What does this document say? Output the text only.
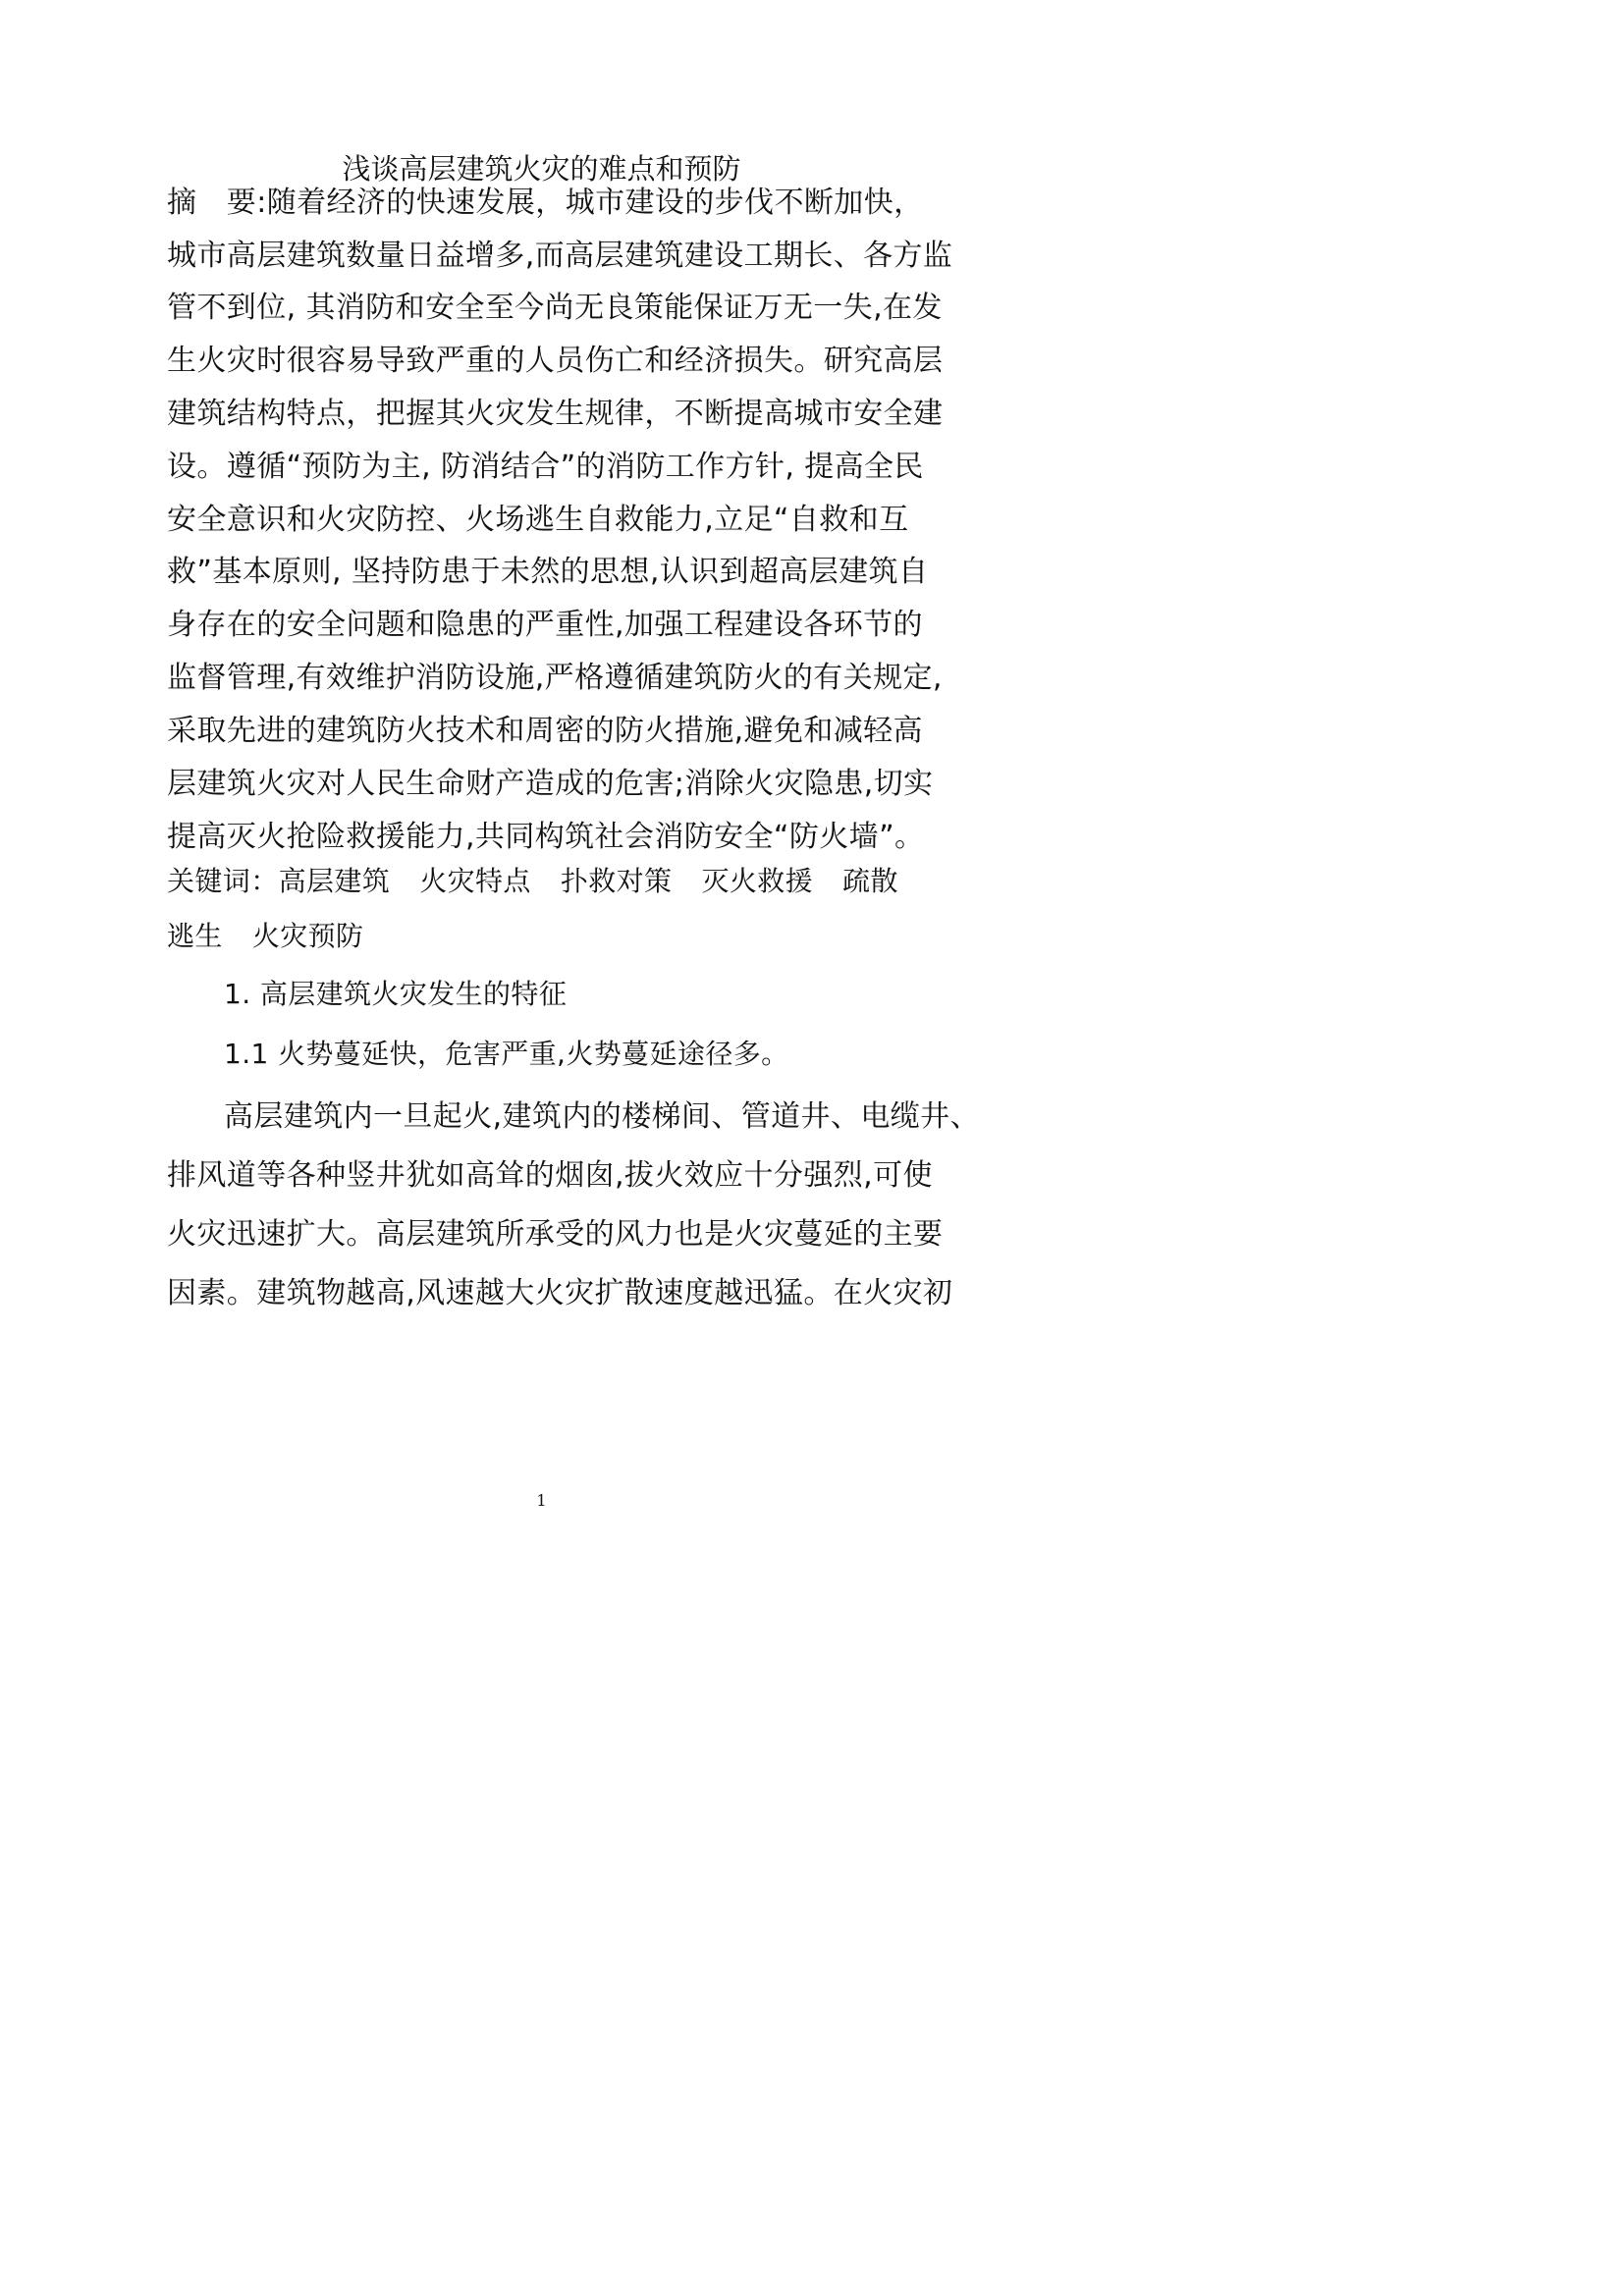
浅谈高层建筑火灾的难点和预防
摘　要:随着经济的快速发展，城市建设的步伐不断加快，
城市高层建筑数量日益增多,而高层建筑建设工期长、各方监
管不到位, 其消防和安全至今尚无良策能保证万无一失,在发
生火灾时很容易导致严重的人员伤亡和经济损失。研究高层
建筑结构特点，把握其火灾发生规律，不断提高城市安全建
设。遵循“预防为主, 防消结合”的消防工作方针, 提高全民
安全意识和火灾防控、火场逃生自救能力,立足“自救和互
救”基本原则, 坚持防患于未然的思想,认识到超高层建筑自
身存在的安全问题和隐患的严重性,加强工程建设各环节的
监督管理,有效维护消防设施,严格遵循建筑防火的有关规定,
采取先进的建筑防火技术和周密的防火措施,避免和减轻高
层建筑火灾对人民生命财产造成的危害;消除火灾隐患,切实
提高灭火抢险救援能力,共同构筑社会消防安全“防火墙”。
关键词：高层建筑 火灾特点 扑救对策 灭火救援 疏散
逃生 火灾预防
1. 高层建筑火灾发生的特征
1.1 火势蔓延快，危害严重,火势蔓延途径多。
高层建筑内一旦起火,建筑内的楼梯间、管道井、电缆井、
排风道等各种竖井犹如高耸的烟囱,拔火效应十分强烈,可使
火灾迅速扩大。高层建筑所承受的风力也是火灾蔓延的主要
因素。建筑物越高,风速越大火灾扩散速度越迅猛。在火灾初
1
